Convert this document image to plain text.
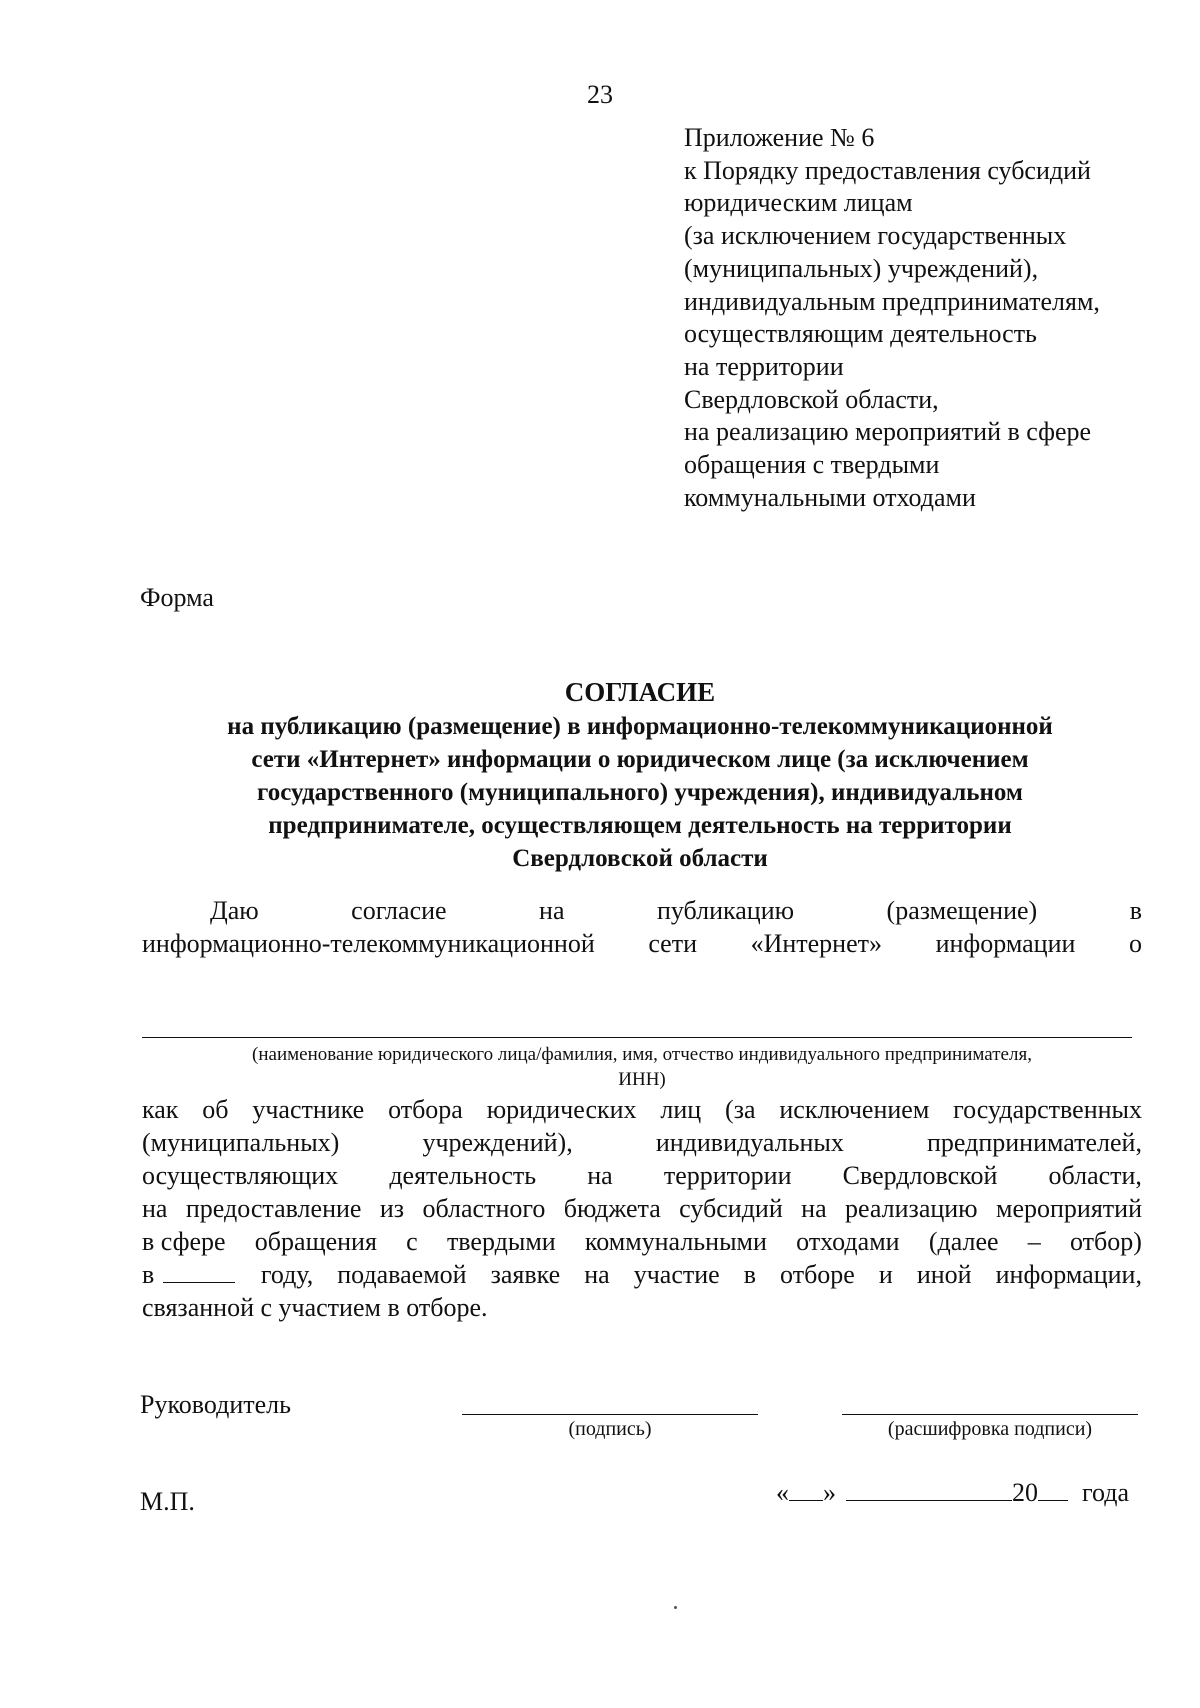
23
Приложение № 6
к Порядку предоставления субсидий
юридическим лицам
(за исключением государственных
(муниципальных) учреждений),
индивидуальным предпринимателям,
осуществляющим деятельность
на территории
Свердловской области,
на реализацию мероприятий в сфере
обращения с твердыми
коммунальными отходами
Форма
СОГЛАСИЕ
на публикацию (размещение) в информационно-телекоммуникационной
сети «Интернет» информации о юридическом лице (за исключением
государственного (муниципального) учреждения), индивидуальном
предпринимателе, осуществляющем деятельность на территории
Свердловской области
Даю	согласие	на	публикацию	(размещение)	в
информационно-телекоммуникационной сети «Интернет» информации о
(наименование юридического лица/фамилия, имя, отчество индивидуального предпринимателя,
ИНН)
как об участнике отбора юридических лиц (за исключением государственных
(муниципальных)	учреждений),	индивидуальных	предпринимателей,
осуществляющих деятельность на территории Свердловской области,
на предоставление из областного бюджета субсидий на реализацию мероприятий
в сфере обращения с твердыми коммунальными отходами (далее – отбор)
в	году, подаваемой заявке на участие в отборе и иной информации,
связанной с участием в отборе.
Руководитель
(подпись)	(расшифровка подписи)
М.П.	« »	20 года
